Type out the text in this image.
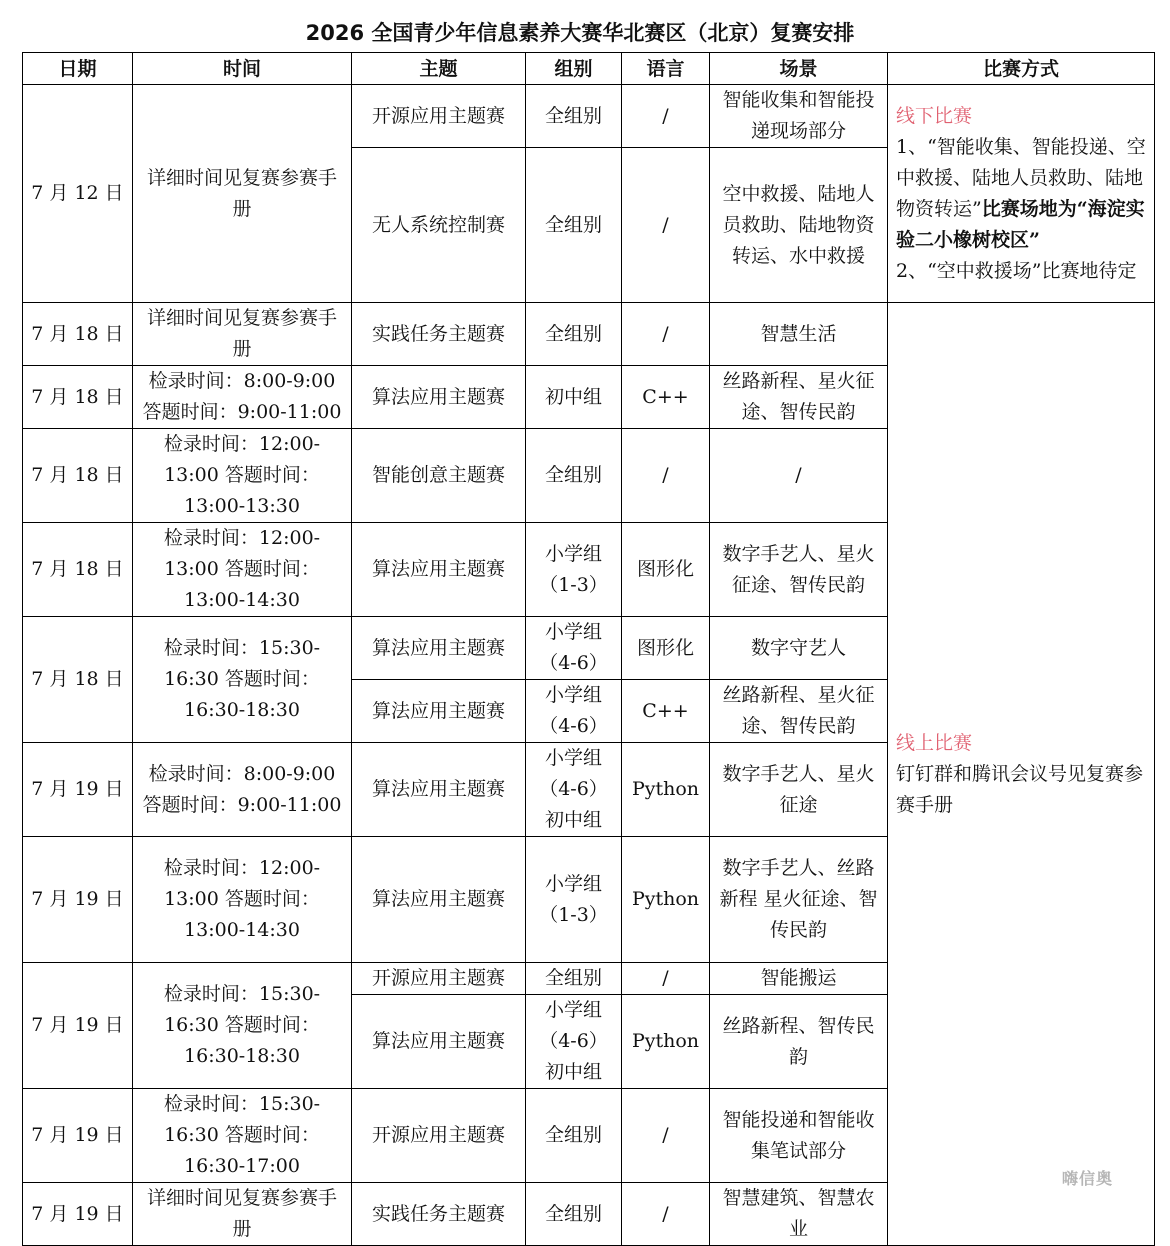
2026 全国青少年信息素养大赛华北赛区（北京）复赛安排
日期	时间	主题	组别	语言	场景	比赛方式
7 月 12 日	详细时间见复赛参赛手册	开源应用主题赛	全组别	/	智能收集和智能投递现场部分	线下比赛
1、“智能收集、智能投递、空中救援、陆地人员救助、陆地物资转运”比赛场地为“海淀实验二小橡树校区”
2、“空中救援场”比赛地待定

		无人系统控制赛	全组别	/	空中救援、陆地人员救助、陆地物资转运、水中救援	
7 月 18 日	详细时间见复赛参赛手册	实践任务主题赛	全组别	/	智慧生活	线上比赛
钉钉群和腾讯会议号见复赛参赛手册

7 月 18 日	检录时间：8:00-9:00 答题时间：9:00-11:00	算法应用主题赛	初中组	C++	丝路新程、星火征途、智传民韵	
7 月 18 日	检录时间：12:00-13:00 答题时间：13:00-13:30	智能创意主题赛	全组别	/	/	
7 月 18 日	检录时间：12:00-13:00 答题时间：13:00-14:30	算法应用主题赛	小学组（1-3）	图形化	数字手艺人、星火征途、智传民韵	
7 月 18 日	检录时间：15:30-16:30 答题时间：16:30-18:30	算法应用主题赛	小学组（4-6）	图形化	数字守艺人	
		算法应用主题赛	小学组（4-6）	C++	丝路新程、星火征途、智传民韵	
7 月 19 日	检录时间：8:00-9:00 答题时间：9:00-11:00	算法应用主题赛	小学组（4-6）初中组	Python	数字手艺人、星火征途	
7 月 19 日	检录时间：12:00-13:00 答题时间：13:00-14:30	算法应用主题赛	小学组（1-3）	Python	数字手艺人、丝路新程 星火征途、智传民韵	
7 月 19 日	检录时间：15:30-16:30 答题时间：16:30-18:30	开源应用主题赛	全组别	/	智能搬运	
		算法应用主题赛	小学组（4-6）初中组	Python	丝路新程、智传民韵	
7 月 19 日	检录时间：15:30-16:30 答题时间：16:30-17:00	开源应用主题赛	全组别	/	智能投递和智能收集笔试部分	
7 月 19 日	详细时间见复赛参赛手册	实践任务主题赛	全组别	/	智慧建筑、智慧农业	
嗨信奥
